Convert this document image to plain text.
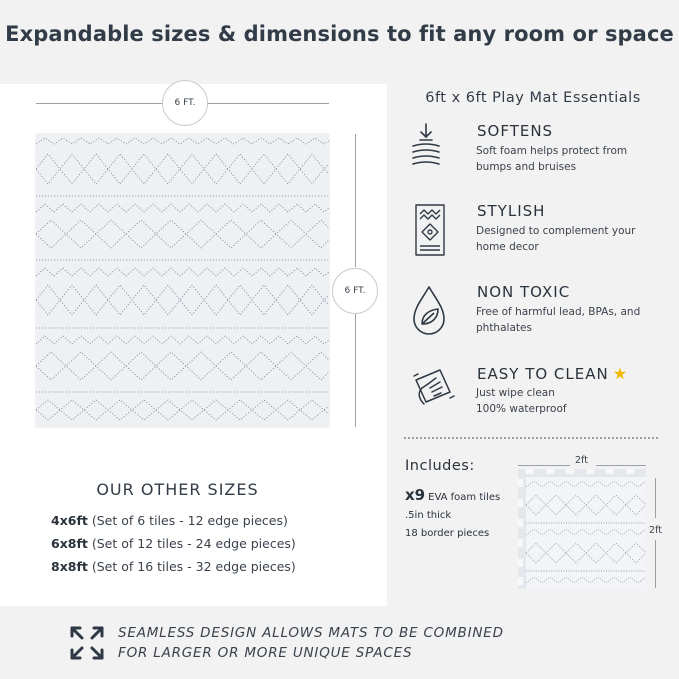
Expandable sizes & dimensions to fit any room or space
6 FT.
6 FT.
OUR OTHER SIZES
4x6ft (Set of 6 tiles - 12 edge pieces)
6x8ft (Set of 12 tiles - 24 edge pieces)
8x8ft (Set of 16 tiles - 32 edge pieces)
6ft x 6ft Play Mat Essentials
SOFTENS
Soft foam helps protect from bumps and bruises
STYLISH
Designed to complement your home decor
NON TOXIC
Free of harmful lead, BPAs, and phthalates
EASY TO CLEAN ★
Just wipe clean
100% waterproof
Includes:
x9 EVA foam tiles
.5in thick
18 border pieces
2ft
2ft
SEAMLESS DESIGN ALLOWS MATS TO BE COMBINED
FOR LARGER OR MORE UNIQUE SPACES
